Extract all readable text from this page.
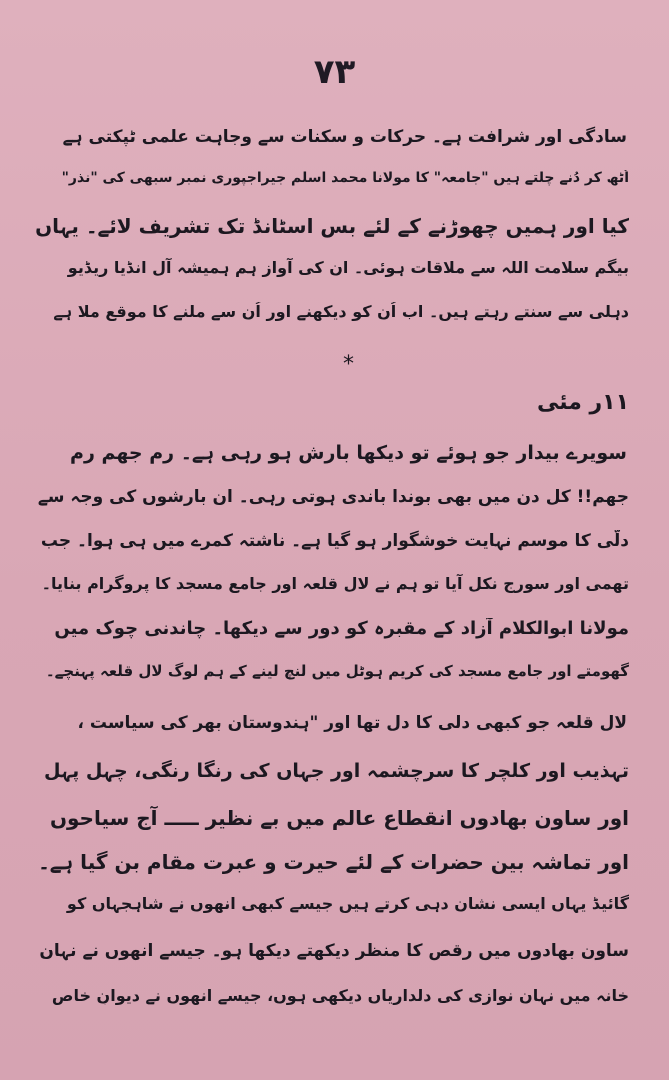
۷۳
سادگی اور شرافت ہے۔ حرکات و سکنات سے وجاہت علمی ٹپکتی ہے
اُٹھ کر دُنے چلتے ہیں "جامعہ" کا مولانا محمد اسلم جیراجپوری نمبر سبھی کی "نذر"
کیا اور ہمیں چھوڑنے کے لئے بس اسٹانڈ تک تشریف لائے۔ یہاں
بیگم سلامت اللہ سے ملاقات ہوئی۔ ان کی آواز ہم ہمیشہ آل انڈیا ریڈیو
دہلی سے سنتے رہتے ہیں۔ اب اُن کو دیکھنے اور اُن سے ملنے کا موقع ملا ہے
*
۱۱ر مئی
سویرے بیدار جو ہوئے تو دیکھا بارش ہو رہی ہے۔ رم جھم رم
جھم!! کل دن میں بھی بوندا باندی ہوتی رہی۔ ان بارشوں کی وجہ سے
دلّی کا موسم نہایت خوشگوار ہو گیا ہے۔ ناشتہ کمرے میں ہی ہوا۔ جب
تھمی اور سورج نکل آیا تو ہم نے لال قلعہ اور جامع مسجد کا پروگرام بنایا۔
مولانا ابوالکلام آزاد کے مقبرہ کو دور سے دیکھا۔ چاندنی چوک میں
گھومتے اور جامع مسجد کی کریم ہوٹل میں لنچ لینے کے ہم لوگ لال قلعہ پہنچے۔
لال قلعہ جو کبھی دلی کا دل تھا اور "ہندوستان بھر کی سیاست ،
تہذیب اور کلچر کا سرچشمہ اور جہاں کی رنگا رنگی، چہل پہل
اور ساون بھادوں انقطاع عالم میں بے نظیر ـــــ آج سیاحوں
اور تماشہ بین حضرات کے لئے حیرت و عبرت مقام بن گیا ہے۔
گائیڈ یہاں ایسی نشان دہی کرتے ہیں جیسے کبھی انھوں نے شاہجہاں کو
ساون بھادوں میں رقص کا منظر دیکھتے دیکھا ہو۔ جیسے انھوں نے نہان
خانہ میں نہان نوازی کی دلداریاں دیکھی ہوں، جیسے انھوں نے دیوانِ خاص
